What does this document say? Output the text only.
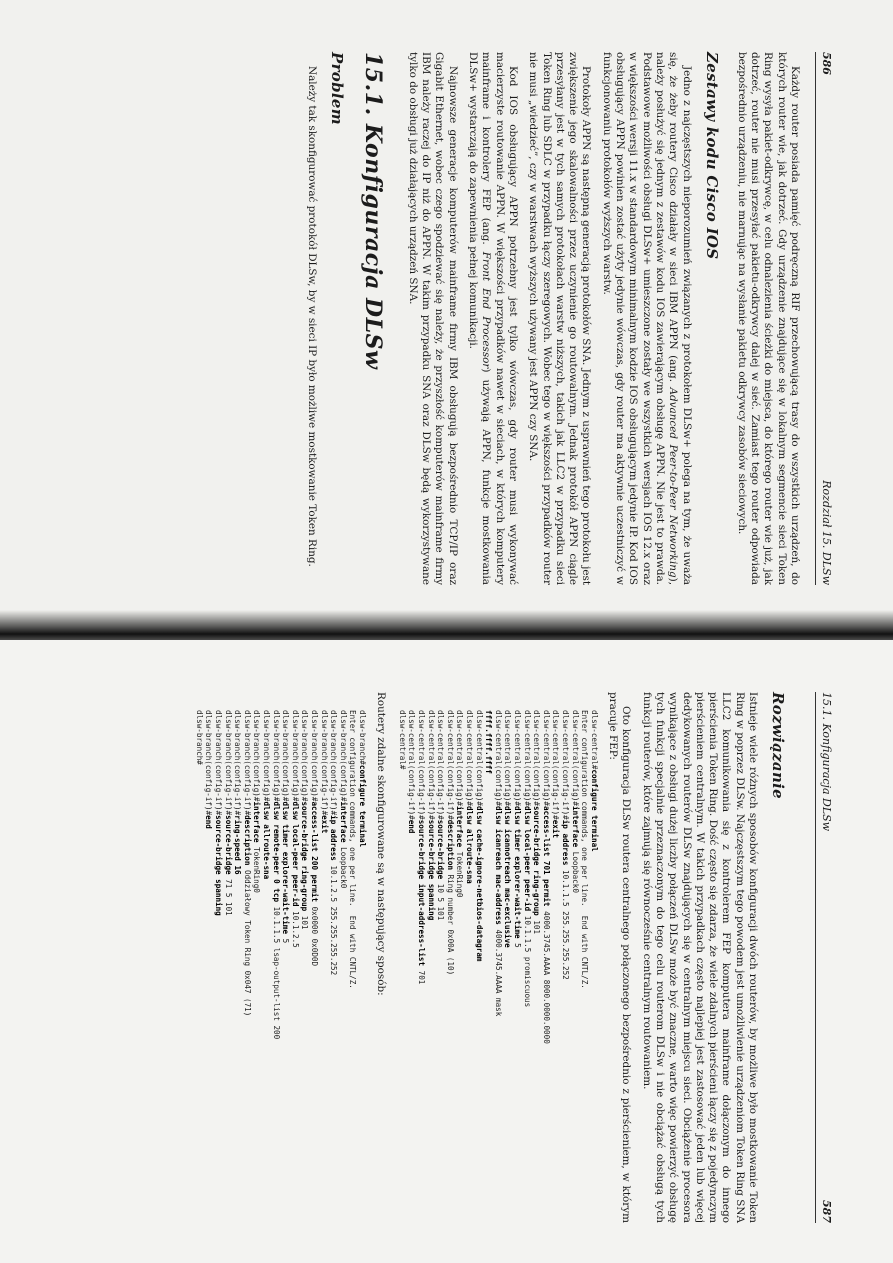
586
Rozdział 15. DLSw

Każdy router posiada pamięć podręczną RIF przechowującą trasy do wszystkich urządzeń, do których router wie, jak dotrzeć. Gdy urządzenie znajdujące się w lokalnym segmencie sieci Token Ring wysyła pakiet-odkrywcę, w celu odnalezienia ścieżki do miejsca, do którego router wie już, jak dotrzeć, router nie musi przesyłać pakietu-odkrywcy dalej w sieć. Zamiast tego router odpowiada bezpośrednio urządzeniu, nie marnując na wysłanie pakietu odkrywcy zasobów sieciowych.

Zestawy kodu Cisco IOS

Jedno z najczęstszych nieporozumień związanych z protokołem DLSw+ polega na tym, że uważa się, że żeby routery Cisco działały w sieci IBM APPN (ang. Advanced Peer-to-Peer Networking), należy posłużyć się jednym z zestawów kodu IOS zawierającym obsługę APPN. Nie jest to prawda. Podstawowe możliwości obsługi DLSw+ umieszczone zostały we wszystkich wersjach IOS 12.x oraz w większości wersji 11.x w standardowym minimalnym kodzie IOS obsługującym jedynie IP. Kod IOS obsługujący APPN powinien zostać użyty jedynie wówczas, gdy router ma aktywnie uczestniczyć w funkcjonowaniu protokołów wyższych warstw.

Protokoły APPN są następną generacją protokołów SNA. Jednym z usprawnień tego protokołu jest zwiększenie jego skalowalności przez uczynienie go routowalnym. Jednak protokół APPN ciągle przesyłany jest w tych samych protokołach warstw niższych, takich jak LLC2 w przypadku sieci Token Ring lub SDLC w przypadku łączy szeregowych. Wobec tego w większości przypadków router nie musi „wiedzieć”, czy w warstwach wyższych używany jest APPN czy SNA.

Kod IOS obsługujący APPN potrzebny jest tylko wówczas, gdy router musi wykonywać macierzyste routowanie APPN. W większości przypadków nawet w sieciach, w których komputery mainframe i kontrolery FEP (ang. Front End Processor) używają APPN, funkcje mostkowania DLSw+ wystarczają do zapewnienia pełnej komunikacji.

Najnowsze generacje komputerów mainframe firmy IBM obsługują bezpośrednio TCP/IP oraz Gigabit Ethernet, wobec czego spodziewać się należy, że przyszłość komputerów mainframe firmy IBM należy raczej do IP niż do APPN. W takim przypadku SNA oraz DLSw będą wykorzystywane tylko do obsługi już działających urządzeń SNA.

15.1. Konfiguracja DLSw
Problem

Należy tak skonfigurować protokół DLSw, by w sieci IP było możliwe mostkowanie Token Ring.

15.1. Konfiguracja DLSw
587
Rozwiązanie

Istnieje wiele różnych sposobów konfiguracji dwóch routerów, by możliwe było mostkowanie Token Ring w poprzez DLSw. Najczęstszym tego powodem jest umożliwienie urządzeniom Token Ring SNA LLC2 komunikowania się z kontrolerem FEP komputera mainframe dołączonym do innego pierścienia Token Ring. Dość często się zdarza, że wiele zdalnych pierścieni łączy się z pojedynczym pierścieniem centralnym. W takich przypadkach często najlepiej jest zastosować jeden lub więcej dedykowanych routerów DLSw znajdujących się w centralnym miejscu sieci. Obciążenie procesora wynikające z obsługi dużej liczby połączeń DLSw może być znaczne, warto więc powierzyć obsługę tych funkcji specjalnie przeznaczonym do tego celu routerom DLSw i nie obciążać obsługą tych funkcji routerów, które zajmują się równocześnie centralnym routowaniem.

Oto konfiguracja DLSw routera centralnego połączonego bezpośrednio z pierścieniem, w którym pracuje FEP:

dlsw-central#configure terminal
Enter configuration commands, one per line.  End with CNTL/Z.
dlsw-central(config)#interface Loopback0
dlsw-central(config-if)#ip address 10.1.1.5 255.255.255.252
dlsw-central(config-if)#exit
dlsw-central(config)#access-list 701 permit 4000.3745.AAAA 8000.0000.0000
dlsw-central(config)#source-bridge ring-group 101
dlsw-central(config)#dlsw local-peer peer-id 10.1.1.5 promiscuous
dlsw-central(config)#dlsw timer explorer-wait-time 5
dlsw-central(config)#dlsw icannotreach mac-exclusive
dlsw-central(config)#dlsw icanreach mac-address 4000.3745.AAAA mask
ffff.ffff.ffff
dlsw-central(config)#dlsw cache-ignore-netbios-datagram
dlsw-central(config)#dlsw allroute-sna
dlsw-central(config)#interface TokenRing0
dlsw-central(config-if)#description Ring number 0x00A (10)
dlsw-central(config-if)#source-bridge 10 5 101
dlsw-central(config-if)#source-bridge spanning
dlsw-central(config-if)#source-bridge input-address-list 701
dlsw-central(config-if)#end
dlsw-central#

Routery zdalne skonfigurowane są w następujący sposób:

dlsw-branch#configure terminal
Enter configuration commands, one per line.  End with CNTL/Z.
dlsw-branch(config)#interface Loopback0
dlsw-branch(config-if)#ip address 10.1.2.5 255.255.255.252
dlsw-branch(config-if)#exit
dlsw-branch(config)#access-list 200 permit 0x0000 0x0D0D
dlsw-branch(config)#source-bridge ring-group 101
dlsw-branch(config)#dlsw local-peer peer-id 10.1.2.5
dlsw-branch(config)#dlsw timer explorer-wait-time 5
dlsw-branch(config)#dlsw remote-peer 0 tcp 10.1.1.5 lsap-output-list 200
dlsw-branch(config)#dlsw allroute-sna
dlsw-branch(config)#interface TokenRing0
dlsw-branch(config-if)#description Oddziałowy Token Ring 0x047 (71)
dlsw-branch(config-if)#ring-speed 16
dlsw-branch(config-if)#source-bridge 71 5 101
dlsw-branch(config-if)#source-bridge spanning
dlsw-branch(config-if)#end
dlsw-branch#
